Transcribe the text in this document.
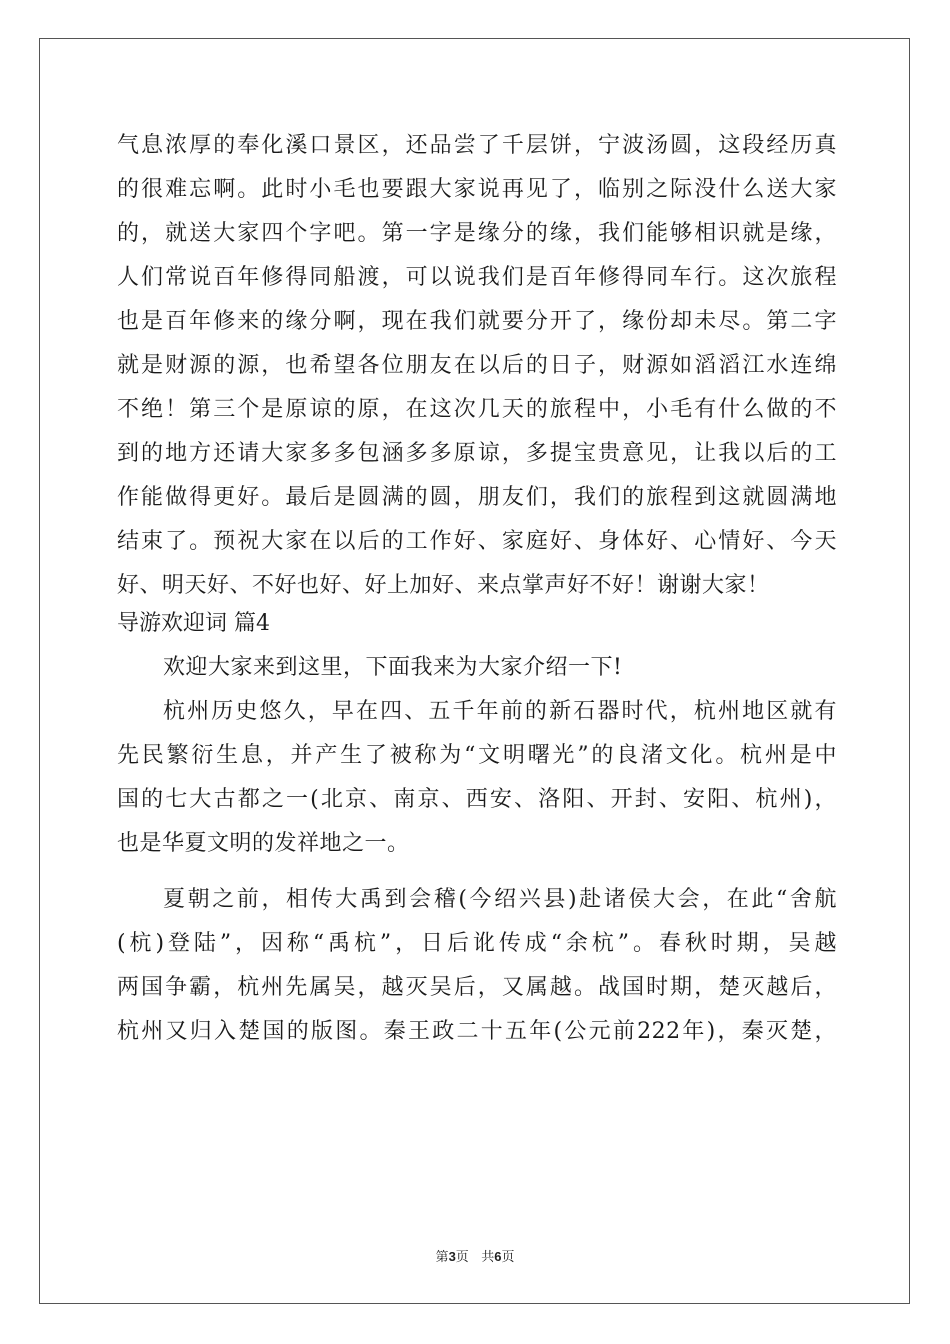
气息浓厚的奉化溪口景区，还品尝了千层饼，宁波汤圆，这段经历真
的很难忘啊。此时小毛也要跟大家说再见了，临别之际没什么送大家
的，就送大家四个字吧。第一字是缘分的缘，我们能够相识就是缘，
人们常说百年修得同船渡，可以说我们是百年修得同车行。这次旅程
也是百年修来的缘分啊，现在我们就要分开了，缘份却未尽。第二字
就是财源的源，也希望各位朋友在以后的日子，财源如滔滔江水连绵
不绝！第三个是原谅的原，在这次几天的旅程中，小毛有什么做的不
到的地方还请大家多多包涵多多原谅，多提宝贵意见，让我以后的工
作能做得更好。最后是圆满的圆，朋友们，我们的旅程到这就圆满地
结束了。预祝大家在以后的工作好、家庭好、身体好、心情好、今天
好、明天好、不好也好、好上加好、来点掌声好不好！谢谢大家！
导游欢迎词 篇4
欢迎大家来到这里，下面我来为大家介绍一下!
杭州历史悠久，早在四、五千年前的新石器时代，杭州地区就有
先民繁衍生息，并产生了被称为“文明曙光”的良渚文化。杭州是中
国的七大古都之一(北京、南京、西安、洛阳、开封、安阳、杭州)，
也是华夏文明的发祥地之一。
夏朝之前，相传大禹到会稽(今绍兴县)赴诸侯大会，在此“舍航
(杭)登陆”，因称“禹杭”，日后讹传成“余杭”。春秋时期，吴越
两国争霸，杭州先属吴，越灭吴后，又属越。战国时期，楚灭越后，
杭州又归入楚国的版图。秦王政二十五年(公元前222年)，秦灭楚，
第3页   共6页
